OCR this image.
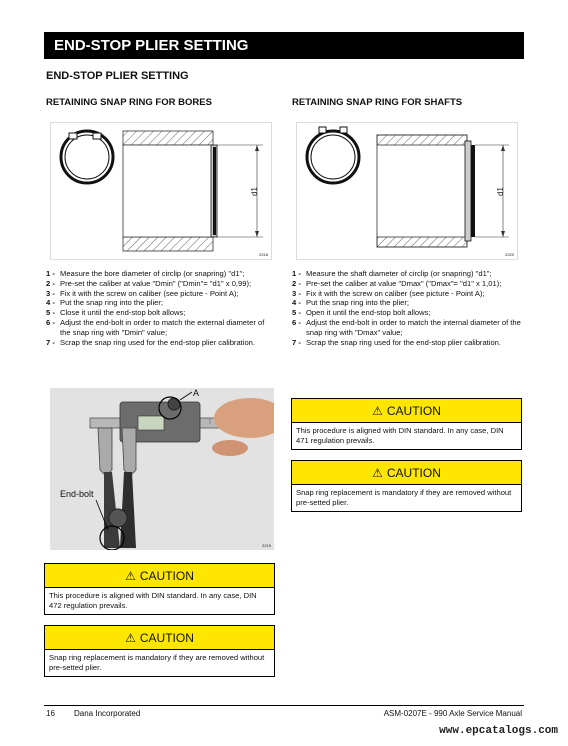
END-STOP PLIER SETTING
END-STOP PLIER SETTING
RETAINING SNAP RING FOR BORES	RETAINING SNAP RING FOR SHAFTS
d1
2218
d1
2220
1 - Measure the bore diameter of circlip (or snapring) "d1";
2 - Pre-set the caliber at value "Dmin" ("Dmin"= "d1" x 0,99);
3 - Fix it with the screw on caliber (see picture - Point A);
4 - Put the snap ring into the plier;
5 - Close it until the end-stop bolt allows;
6 - Adjust the end-bolt in order to match the external diameter of the snap ring with "Dmin" value;
7 - Scrap the snap ring used for the end-stop plier calibration.
1 - Measure the shaft diameter of circlip (or snapring) "d1";
2 - Pre-set the caliber at value "Dmax" ("Dmax"= "d1" x 1,01);
3 - Fix it with the screw on caliber (see picture - Point A);
4 - Put the snap ring into the plier;
5 - Open it until the end-stop bolt allows;
6 - Adjust the end-bolt in order to match the internal diameter of the snap ring with "Dmax" value;
7 - Scrap the snap ring used for the end-stop plier calibration.
A
End-bolt
2219
⚠ CAUTION
This procedure is aligned with DIN standard. In any case, DIN 472 regulation prevails.
⚠ CAUTION
Snap ring replacement is mandatory if they are removed without pre-setted plier.
⚠ CAUTION
This procedure is aligned with DIN standard. In any case, DIN 471 regulation prevails.
⚠ CAUTION
Snap ring replacement is mandatory if they are removed without pre-setted plier.
16 Dana Incorporated	ASM-0207E - 990 Axle Service Manual
www.epcatalogs.com
